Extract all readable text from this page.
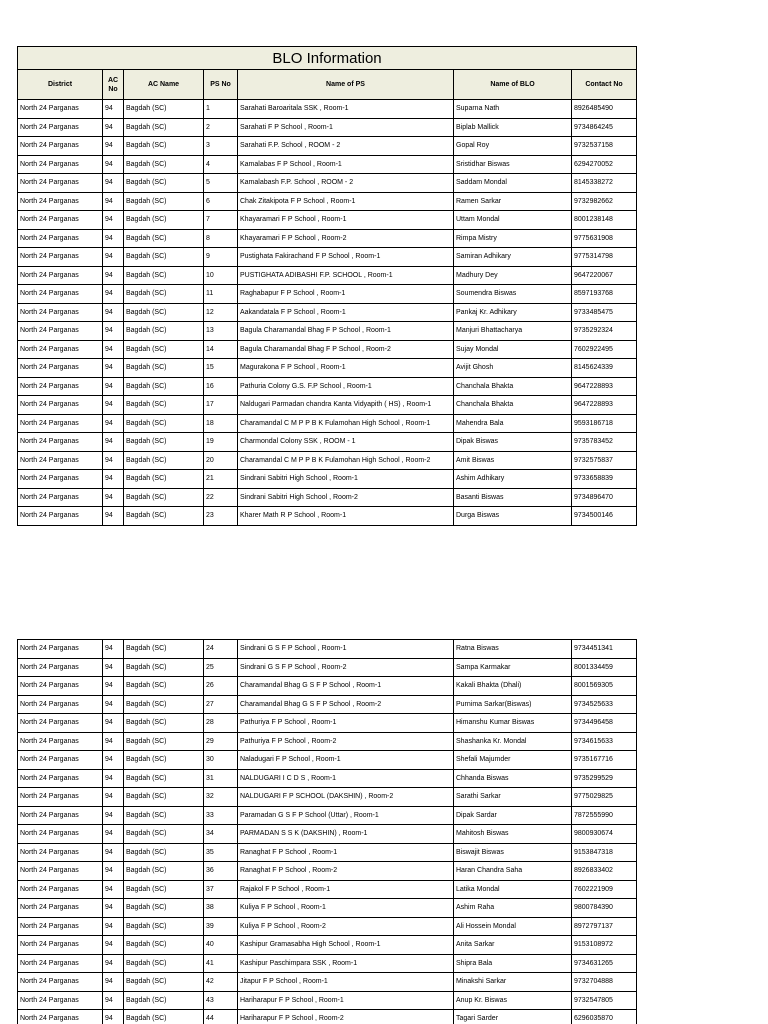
BLO Information						
District	AC No	AC Name	PS No	Name of PS	Name of BLO	Contact No
North 24 Parganas	94	Bagdah (SC)	1	Sarahati Baroaritala SSK , Room-1	Suparna Nath	8926485490
North 24 Parganas	94	Bagdah (SC)	2	Sarahati F P School , Room-1	Biplab Mallick	9734864245
North 24 Parganas	94	Bagdah (SC)	3	Sarahati F.P. School , ROOM - 2	Gopal Roy	9732537158
North 24 Parganas	94	Bagdah (SC)	4	Kamalabas F P School , Room-1	Sristidhar Biswas	6294270052
North 24 Parganas	94	Bagdah (SC)	5	Kamalabash F.P. School , ROOM - 2	Saddam Mondal	8145338272
North 24 Parganas	94	Bagdah (SC)	6	Chak Zitakipota F P School , Room-1	Ramen Sarkar	9732982662
North 24 Parganas	94	Bagdah (SC)	7	Khayaramari F P School , Room-1	Uttam Mondal	8001238148
North 24 Parganas	94	Bagdah (SC)	8	Khayaramari F P School , Room-2	Rimpa Mistry	9775631908
North 24 Parganas	94	Bagdah (SC)	9	Pustighata Fakirachand F P School , Room-1	Samiran Adhikary	9775314798
North 24 Parganas	94	Bagdah (SC)	10	PUSTIGHATA ADIBASHI F.P. SCHOOL , Room-1	Madhury Dey	9647220067
North 24 Parganas	94	Bagdah (SC)	11	Raghabapur F P School , Room-1	Soumendra Biswas	8597193768
North 24 Parganas	94	Bagdah (SC)	12	Aakandatala F P School , Room-1	Pankaj Kr. Adhikary	9733485475
North 24 Parganas	94	Bagdah (SC)	13	Bagula Charamandal Bhag F P School , Room-1	Manjuri Bhattacharya	9735292324
North 24 Parganas	94	Bagdah (SC)	14	Bagula Charamandal Bhag F P School , Room-2	Sujay Mondal	7602922495
North 24 Parganas	94	Bagdah (SC)	15	Magurakona F P School , Room-1	Avijit Ghosh	8145624339
North 24 Parganas	94	Bagdah (SC)	16	Pathuria Colony G.S. F.P School , Room-1	Chanchala Bhakta	9647228893
North 24 Parganas	94	Bagdah (SC)	17	Naldugari Parmadan chandra Kanta Vidyapith ( HS) , Room-1	Chanchala Bhakta	9647228893
North 24 Parganas	94	Bagdah (SC)	18	Charamandal C M P P B K Fulamohan High School , Room-1	Mahendra Bala	9593186718
North 24 Parganas	94	Bagdah (SC)	19	Charmondal Colony SSK , ROOM - 1	Dipak Biswas	9735783452
North 24 Parganas	94	Bagdah (SC)	20	Charamandal C M P P B K Fulamohan High School , Room-2	Amit Biswas	9732575837
North 24 Parganas	94	Bagdah (SC)	21	Sindrani Sabitri High School , Room-1	Ashim Adhikary	9733658839
North 24 Parganas	94	Bagdah (SC)	22	Sindrani Sabitri High School , Room-2	Basanti Biswas	9734896470
North 24 Parganas	94	Bagdah (SC)	23	Kharer Math R P School , Room-1	Durga Biswas	9734500146
North 24 Parganas	94	Bagdah (SC)	24	Sindrani G S F P School , Room-1	Ratna Biswas	9734451341
North 24 Parganas	94	Bagdah (SC)	25	Sindrani G S F P School , Room-2	Sampa Karmakar	8001334459
North 24 Parganas	94	Bagdah (SC)	26	Charamandal Bhag G S F P School , Room-1	Kakali Bhakta (Dhali)	8001569305
North 24 Parganas	94	Bagdah (SC)	27	Charamandal Bhag G S F P School , Room-2	Purnima Sarkar(Biswas)	9734525633
North 24 Parganas	94	Bagdah (SC)	28	Pathuriya F P School , Room-1	Himanshu Kumar Biswas	9734496458
North 24 Parganas	94	Bagdah (SC)	29	Pathuriya F P School , Room-2	Shashanka Kr. Mondal	9734615633
North 24 Parganas	94	Bagdah (SC)	30	Naladugari F P School , Room-1	Shefali Majumder	9735167716
North 24 Parganas	94	Bagdah (SC)	31	NALDUGARI I C D S , Room-1	Chhanda Biswas	9735299529
North 24 Parganas	94	Bagdah (SC)	32	NALDUGARI F P SCHOOL (DAKSHIN) , Room-2	Sarathi Sarkar	9775029825
North 24 Parganas	94	Bagdah (SC)	33	Paramadan G S F P School (Uttar) , Room-1	Dipak Sardar	7872555990
North 24 Parganas	94	Bagdah (SC)	34	PARMADAN S S K (DAKSHIN) , Room-1	Mahitosh Biswas	9800930674
North 24 Parganas	94	Bagdah (SC)	35	Ranaghat F P School , Room-1	Biswajit Biswas	9153847318
North 24 Parganas	94	Bagdah (SC)	36	Ranaghat F P School , Room-2	Haran Chandra Saha	8926833402
North 24 Parganas	94	Bagdah (SC)	37	Rajakol F P School , Room-1	Latika Mondal	7602221909
North 24 Parganas	94	Bagdah (SC)	38	Kuliya F P School , Room-1	Ashim Raha	9800784390
North 24 Parganas	94	Bagdah (SC)	39	Kuliya F P School , Room-2	Ali Hossein Mondal	8972797137
North 24 Parganas	94	Bagdah (SC)	40	Kashipur Gramasabha High School , Room-1	Anita Sarkar	9153108972
North 24 Parganas	94	Bagdah (SC)	41	Kashipur Paschimpara SSK , Room-1	Shipra Bala	9734631265
North 24 Parganas	94	Bagdah (SC)	42	Jitapur F P School , Room-1	Minakshi Sarkar	9732704888
North 24 Parganas	94	Bagdah (SC)	43	Hariharapur F P School , Room-1	Anup Kr. Biswas	9732547805
North 24 Parganas	94	Bagdah (SC)	44	Hariharapur F P School , Room-2	Tagari Sarder	6296035870
